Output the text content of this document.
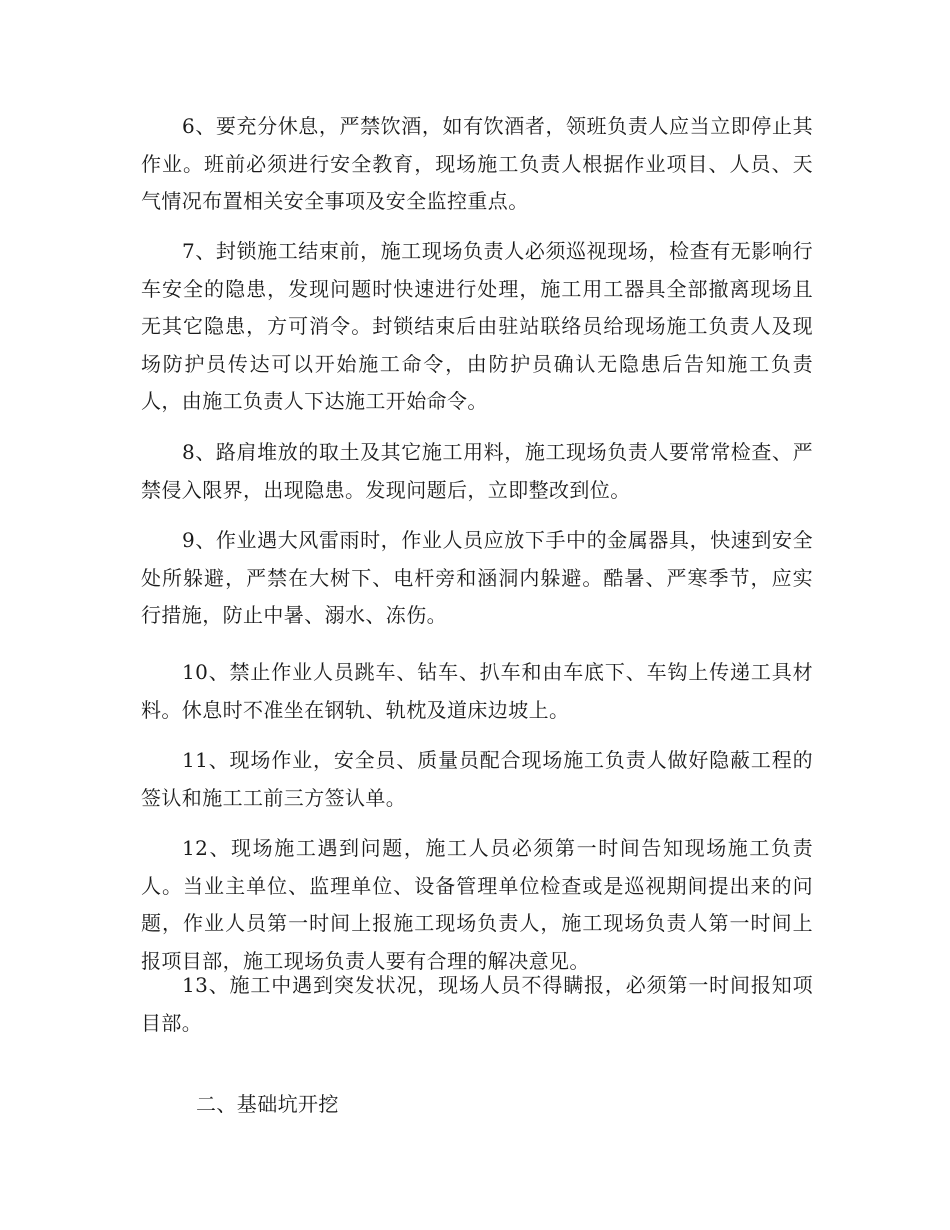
6、要充分休息，严禁饮酒，如有饮酒者，领班负责人应当立即停止其作业。班前必须进行安全教育，现场施工负责人根据作业项目、人员、天气情况布置相关安全事项及安全监控重点。

7、封锁施工结束前，施工现场负责人必须巡视现场，检查有无影响行车安全的隐患，发现问题时快速进行处理，施工用工器具全部撤离现场且无其它隐患，方可消令。封锁结束后由驻站联络员给现场施工负责人及现场防护员传达可以开始施工命令，由防护员确认无隐患后告知施工负责人，由施工负责人下达施工开始命令。

8、路肩堆放的取土及其它施工用料，施工现场负责人要常常检查、严禁侵入限界，出现隐患。发现问题后，立即整改到位。

9、作业遇大风雷雨时，作业人员应放下手中的金属器具，快速到安全处所躲避，严禁在大树下、电杆旁和涵洞内躲避。酷暑、严寒季节，应实行措施，防止中暑、溺水、冻伤。

10、禁止作业人员跳车、钻车、扒车和由车底下、车钩上传递工具材料。休息时不准坐在钢轨、轨枕及道床边坡上。

11、现场作业，安全员、质量员配合现场施工负责人做好隐蔽工程的签认和施工工前三方签认单。

12、现场施工遇到问题，施工人员必须第一时间告知现场施工负责人。当业主单位、监理单位、设备管理单位检查或是巡视期间提出来的问题，作业人员第一时间上报施工现场负责人，施工现场负责人第一时间上报项目部，施工现场负责人要有合理的解决意见。

13、施工中遇到突发状况，现场人员不得瞒报，必须第一时间报知项目部。

二、基础坑开挖
